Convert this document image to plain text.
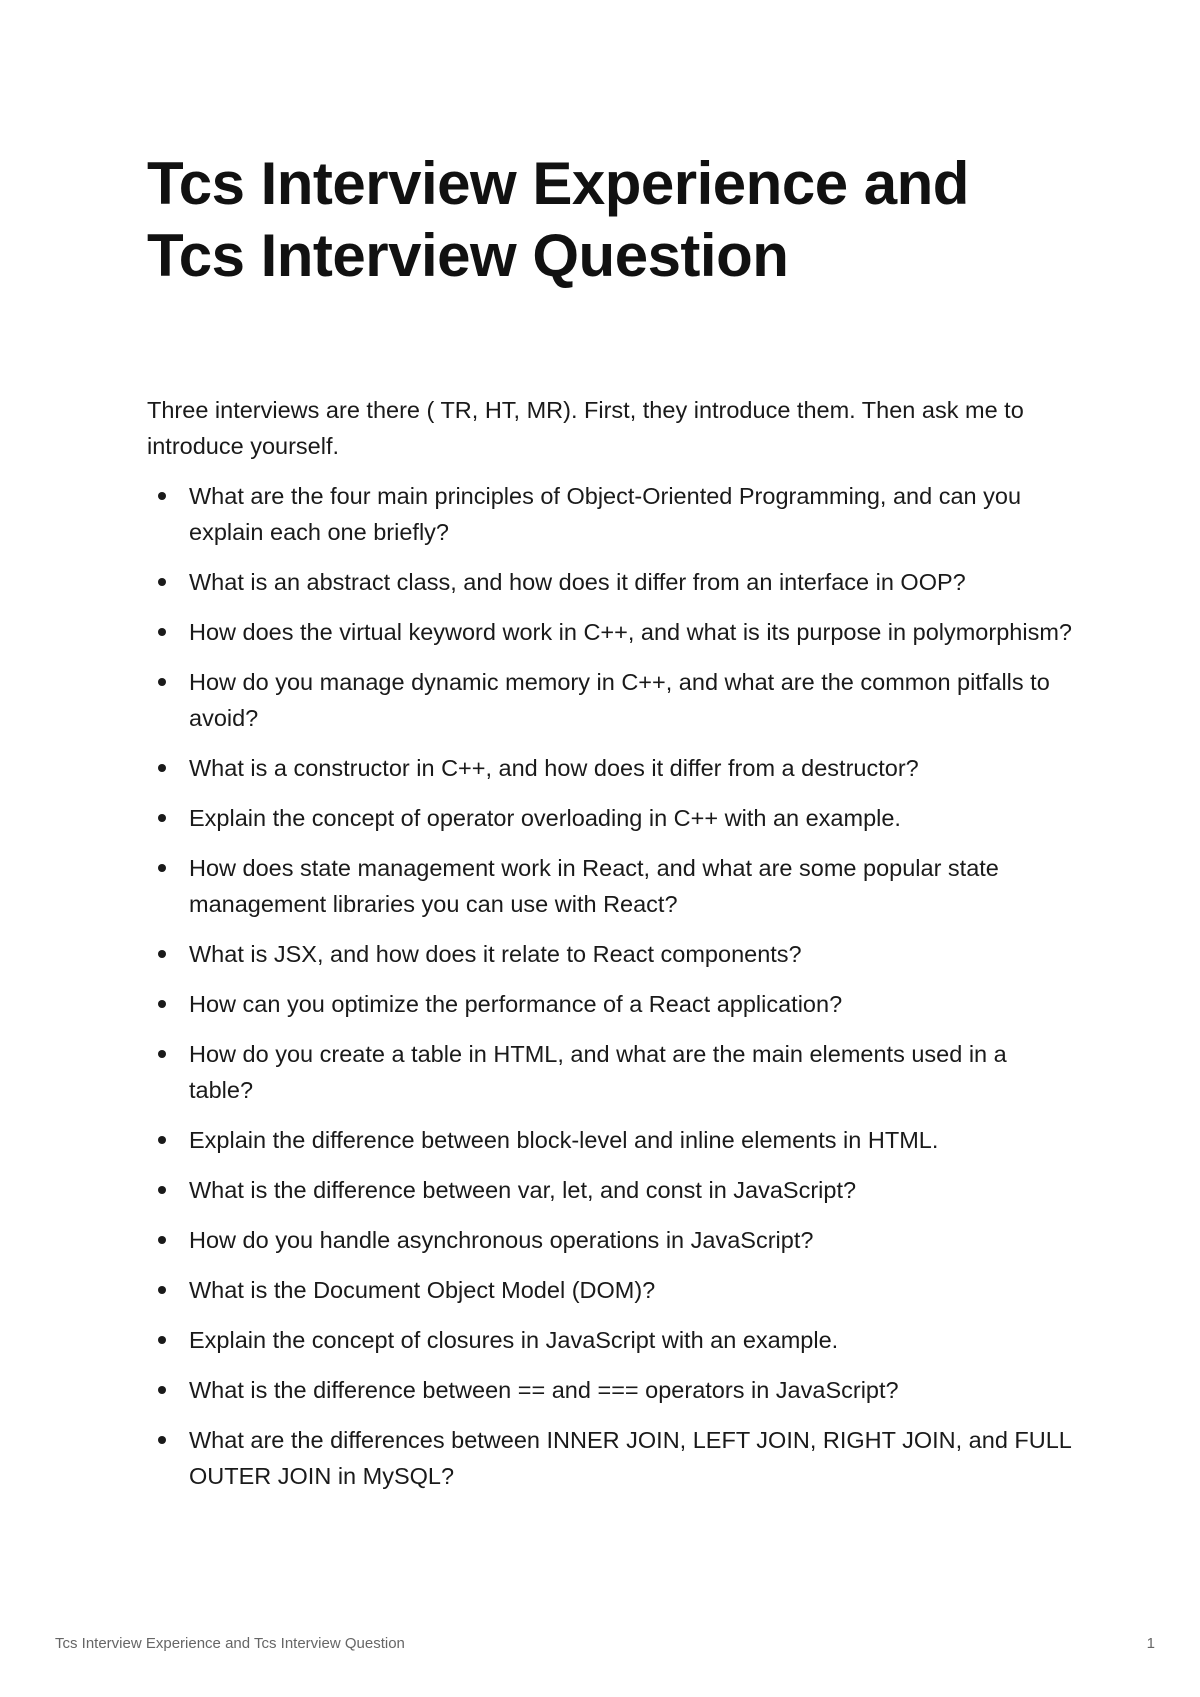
Tcs Interview Experience and
Tcs Interview Question

Three interviews are there ( TR, HT, MR). First, they introduce them. Then ask me to introduce yourself.

What are the four main principles of Object-Oriented Programming, and can you explain each one briefly?
What is an abstract class, and how does it differ from an interface in OOP?
How does the virtual keyword work in C++, and what is its purpose in polymorphism?
How do you manage dynamic memory in C++, and what are the common pitfalls to avoid?
What is a constructor in C++, and how does it differ from a destructor?
Explain the concept of operator overloading in C++ with an example.
How does state management work in React, and what are some popular state management libraries you can use with React?
What is JSX, and how does it relate to React components?
How can you optimize the performance of a React application?
How do you create a table in HTML, and what are the main elements used in a table?
Explain the difference between block-level and inline elements in HTML.
What is the difference between var, let, and const in JavaScript?
How do you handle asynchronous operations in JavaScript?
What is the Document Object Model (DOM)?
Explain the concept of closures in JavaScript with an example.
What is the difference between == and === operators in JavaScript?
What are the differences between INNER JOIN, LEFT JOIN, RIGHT JOIN, and FULL OUTER JOIN in MySQL?
Tcs Interview Experience and Tcs Interview Question	1
